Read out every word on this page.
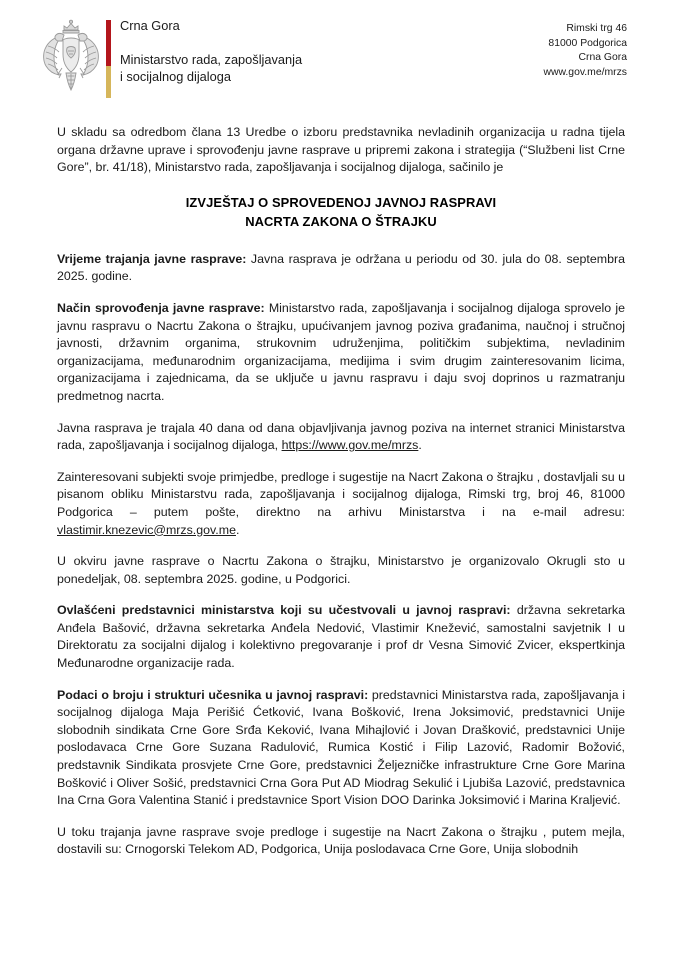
Crna Gora
Ministarstvo rada, zapošljavanja
i socijalnog dijaloga
Rimski trg 46
81000 Podgorica
Crna Gora
www.gov.me/mrzs

U skladu sa odredbom člana 13 Uredbe o izboru predstavnika nevladinih organizacija u radna tijela organa državne uprave i sprovođenju javne rasprave u pripremi zakona i strategija (“Službeni list Crne Gore”, br. 41/18), Ministarstvo rada, zapošljavanja i socijalnog dijaloga, sačinilo je

IZVJEŠTAJ O SPROVEDENOJ JAVNOJ RASPRAVI
NACRTA ZAKONA O ŠTRAJKU

Vrijeme trajanja javne rasprave: Javna rasprava je održana u periodu od 30. jula do 08. septembra 2025. godine.

Način sprovođenja javne rasprave: Ministarstvo rada, zapošljavanja i socijalnog dijaloga sprovelo je javnu raspravu o Nacrtu Zakona o štrajku, upućivanjem javnog poziva građanima, naučnoj i stručnoj javnosti, državnim organima, strukovnim udruženjima, političkim subjektima, nevladinim organizacijama, međunarodnim organizacijama, medijima i svim drugim zainteresovanim licima, organizacijama i zajednicama, da se uključe u javnu raspravu i daju svoj doprinos u razmatranju predmetnog nacrta.

Javna rasprava je trajala 40 dana od dana objavljivanja javnog poziva na internet stranici Ministarstva rada, zapošljavanja i socijalnog dijaloga, https://www.gov.me/mrzs.

Zainteresovani subjekti svoje primjedbe, predloge i sugestije na Nacrt Zakona o štrajku , dostavljali su u pisanom obliku Ministarstvu rada, zapošljavanja i socijalnog dijaloga, Rimski trg, broj 46, 81000 Podgorica – putem pošte, direktno na arhivu Ministarstva i na e-mail adresu: vlastimir.knezevic@mrzs.gov.me.

U okviru javne rasprave o Nacrtu Zakona o štrajku, Ministarstvo je organizovalo Okrugli sto u ponedeljak, 08. septembra 2025. godine, u Podgorici.

Ovlašćeni predstavnici ministarstva koji su učestvovali u javnoj raspravi: državna sekretarka Anđela Bašović, državna sekretarka Anđela Nedović, Vlastimir Knežević, samostalni savjetnik I u Direktoratu za socijalni dijalog i kolektivno pregovaranje i prof dr Vesna Simović Zvicer, ekspertkinja Međunarodne organizacije rada.

Podaci o broju i strukturi učesnika u javnoj raspravi: predstavnici Ministarstva rada, zapošljavanja i socijalnog dijaloga Maja Perišić Ćetković, Ivana Bošković, Irena Joksimović, predstavnici Unije slobodnih sindikata Crne Gore Srđa Keković, Ivana Mihajlović i Jovan Drašković, predstavnici Unije poslodavaca Crne Gore Suzana Radulović, Rumica Kostić i Filip Lazović, Radomir Božović, predstavnik Sindikata prosvjete Crne Gore, predstavnici Željezničke infrastrukture Crne Gore Marina Bošković i Oliver Sošić, predstavnici Crna Gora Put AD Miodrag Sekulić i Ljubiša Lazović, predstavnica Ina Crna Gora Valentina Stanić i predstavnice Sport Vision DOO Darinka Joksimović i Marina Kraljević.

U toku trajanja javne rasprave svoje predloge i sugestije na Nacrt Zakona o štrajku , putem mejla, dostavili su: Crnogorski Telekom AD, Podgorica, Unija poslodavaca Crne Gore, Unija slobodnih
